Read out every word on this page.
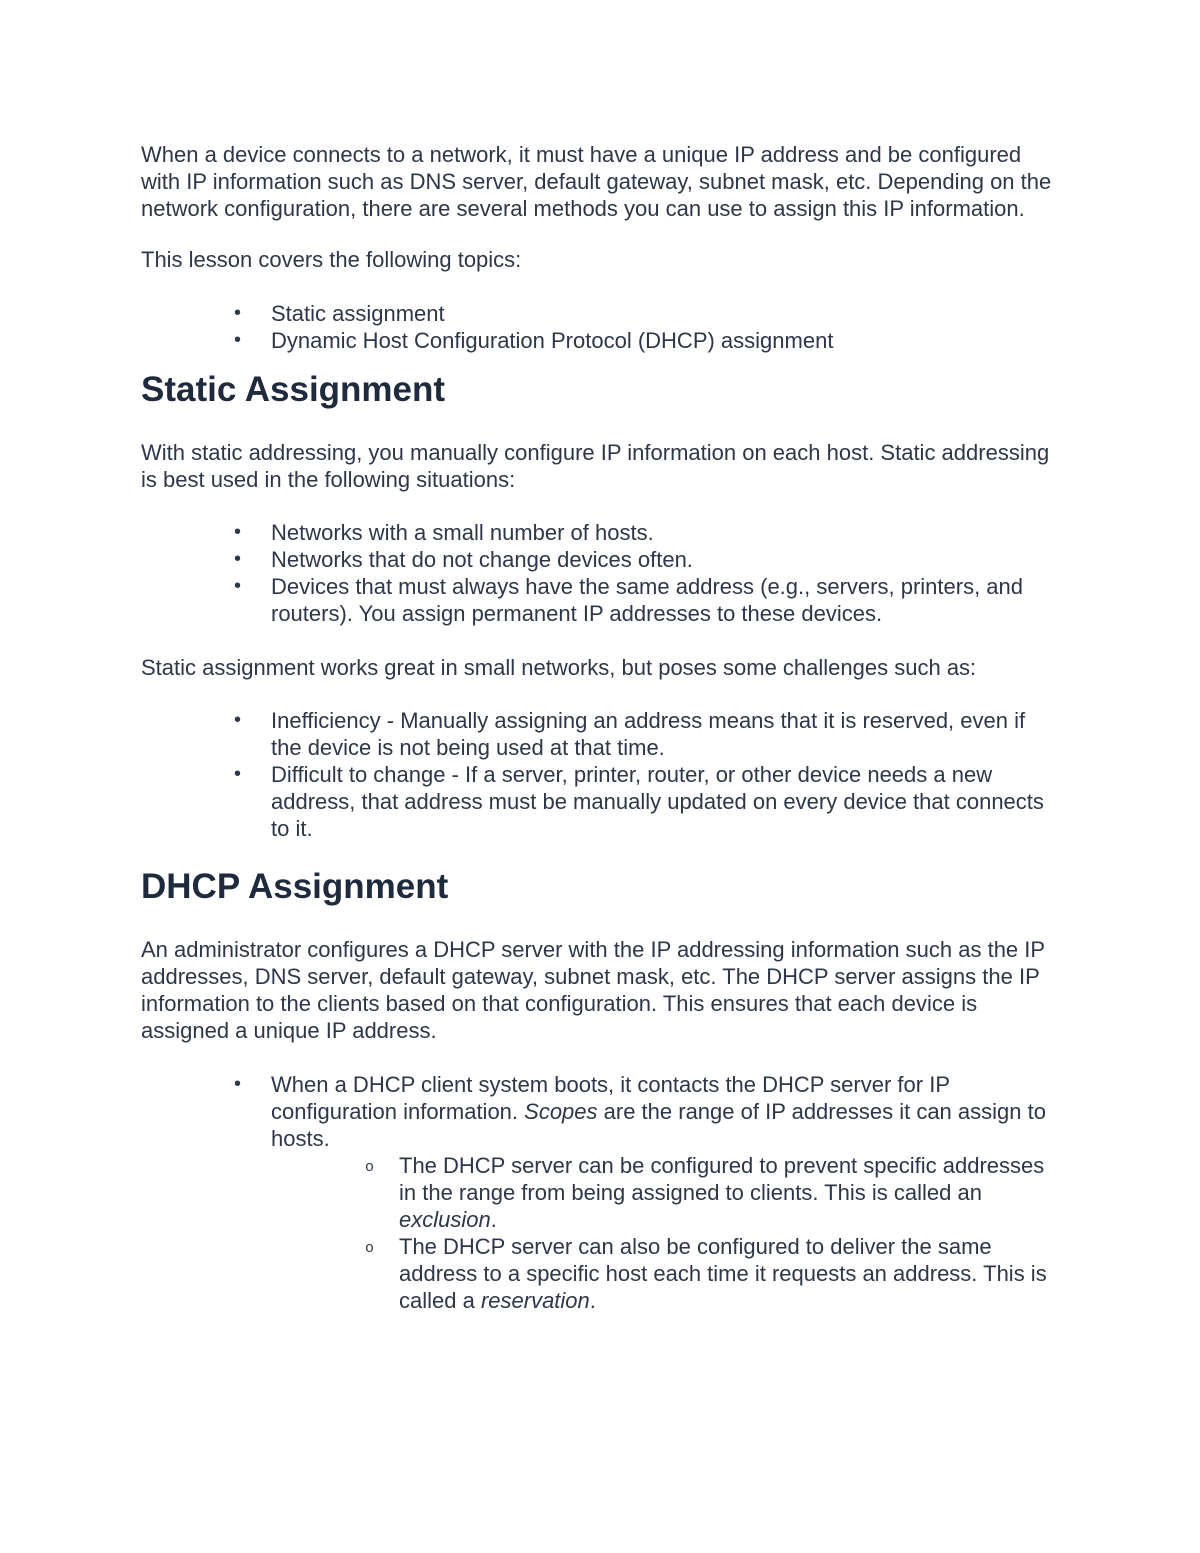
When a device connects to a network, it must have a unique IP address and be configured with IP information such as DNS server, default gateway, subnet mask, etc. Depending on the network configuration, there are several methods you can use to assign this IP information.

This lesson covers the following topics:

• Static assignment
• Dynamic Host Configuration Protocol (DHCP) assignment
Static Assignment

With static addressing, you manually configure IP information on each host. Static addressing is best used in the following situations:

• Networks with a small number of hosts.
• Networks that do not change devices often.
• Devices that must always have the same address (e.g., servers, printers, and routers). You assign permanent IP addresses to these devices.

Static assignment works great in small networks, but poses some challenges such as:

• Inefficiency - Manually assigning an address means that it is reserved, even if the device is not being used at that time.
• Difficult to change - If a server, printer, router, or other device needs a new address, that address must be manually updated on every device that connects to it.
DHCP Assignment

An administrator configures a DHCP server with the IP addressing information such as the IP addresses, DNS server, default gateway, subnet mask, etc. The DHCP server assigns the IP information to the clients based on that configuration. This ensures that each device is assigned a unique IP address.

• When a DHCP client system boots, it contacts the DHCP server for IP configuration information. Scopes are the range of IP addresses it can assign to hosts.
o The DHCP server can be configured to prevent specific addresses in the range from being assigned to clients. This is called an exclusion.
o The DHCP server can also be configured to deliver the same address to a specific host each time it requests an address. This is called a reservation.
